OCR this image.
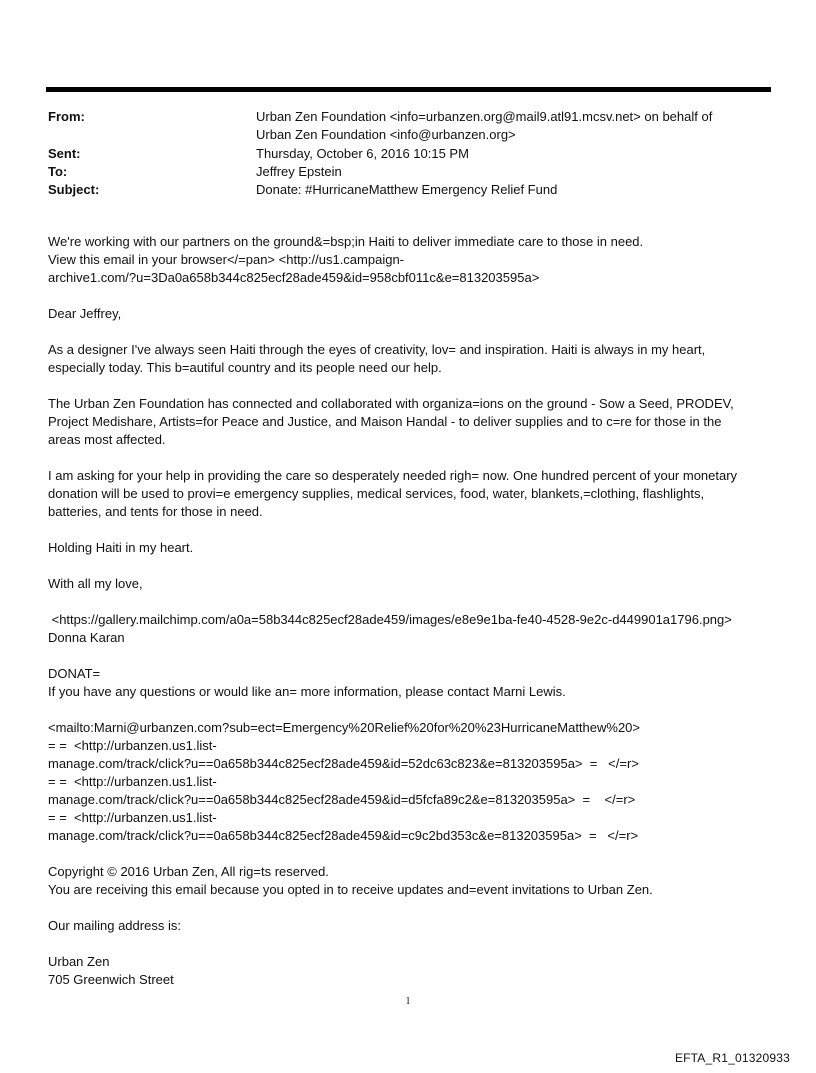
From:	Urban Zen Foundation <info=urbanzen.org@mail9.atl91.mcsv.net> on behalf of
Urban Zen Foundation <info@urbanzen.org>
Sent:	Thursday, October 6, 2016 10:15 PM
To:	Jeffrey Epstein
Subject:	Donate: #HurricaneMatthew Emergency Relief Fund

We're working with our partners on the ground&=bsp;in Haiti to deliver immediate care to those in need.
View this email in your browser</=pan> <http://us1.campaign-
archive1.com/?u=3Da0a658b344c825ecf28ade459&id=958cbf011c&e=813203595a>

Dear Jeffrey,

As a designer I've always seen Haiti through the eyes of creativity, lov= and inspiration. Haiti is always in my heart,
especially today. This b=autiful country and its people need our help.

The Urban Zen Foundation has connected and collaborated with organiza=ions on the ground - Sow a Seed, PRODEV,
Project Medishare, Artists=for Peace and Justice, and Maison Handal - to deliver supplies and to c=re for those in the
areas most affected.

I am asking for your help in providing the care so desperately needed righ= now. One hundred percent of your monetary
donation will be used to provi=e emergency supplies, medical services, food, water, blankets,=clothing, flashlights,
batteries, and tents for those in need.

Holding Haiti in my heart.

With all my love,

<https://gallery.mailchimp.com/a0a=58b344c825ecf28ade459/images/e8e9e1ba-fe40-4528-9e2c-d449901a1796.png>
Donna Karan

DONAT=
If you have any questions or would like an= more information, please contact Marni Lewis.

<mailto:Marni@urbanzen.com?sub=ect=Emergency%20Relief%20for%20%23HurricaneMatthew%20>
= =  <http://urbanzen.us1.list-
manage.com/track/click?u==0a658b344c825ecf28ade459&id=52dc63c823&e=813203595a>  =   </=r>
= =  <http://urbanzen.us1.list-
manage.com/track/click?u==0a658b344c825ecf28ade459&id=d5fcfa89c2&e=813203595a>  =    </=r>
= =  <http://urbanzen.us1.list-
manage.com/track/click?u==0a658b344c825ecf28ade459&id=c9c2bd353c&e=813203595a>  =   </=r>

Copyright © 2016 Urban Zen, All rig=ts reserved.
You are receiving this email because you opted in to receive updates and=event invitations to Urban Zen.

Our mailing address is:

Urban Zen
705 Greenwich Street

1
EFTA_R1_01320933
